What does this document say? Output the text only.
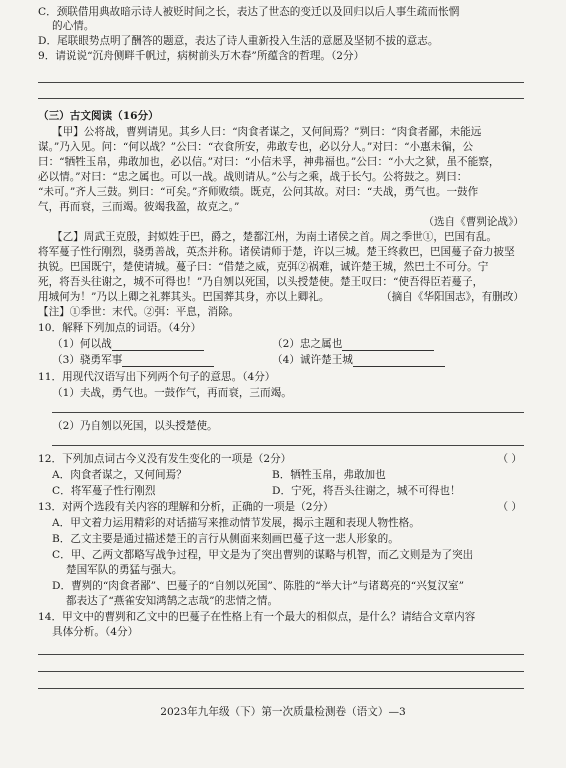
C．颈联借用典故暗示诗人被贬时间之长，表达了世态的变迁以及回归以后人事生疏而怅惘
的心情。
D．尾联眼势点明了酬答的题意，表达了诗人重新投入生活的意愿及坚韧不拔的意志。
9．请说说“沉舟侧畔千帆过，病树前头万木春”所蕴含的哲理。（2分）
（三）古文阅读（16分）
【甲】公将战，曹刿请见。其乡人曰：“肉食者谋之，又何间焉？”刿曰：“肉食者鄙，未能远
谋。”乃入见。问：“何以战？”公曰：“衣食所安，弗敢专也，必以分人。”对曰：“小惠未徧，公
曰：“牺牲玉帛，弗敢加也，必以信。”对曰：“小信未孚，神弗福也。”公曰：“小大之狱，虽不能察，
必以情。”对曰：“忠之属也。可以一战。战则请从。”公与之乘，战于长勺。公将鼓之。刿曰：
“未可。”齐人三鼓。刿曰：“可矣。”齐师败绩。既克，公问其故。对曰：“夫战，勇气也。一鼓作
气，再而衰，三而竭。彼竭我盈，故克之。”
（选自《曹刿论战》）
【乙】周武王克殷，封姒姓于巴，爵之，楚都江州，为南土诸侯之首。周之季世①，巴国有乱。
将军蔓子性行刚烈，骁勇善战，英杰并称。诸侯请师于楚，许以三城。楚王终救巴，巴国蔓子奋力披坚
执锐。巴国既宁，楚使请城。蔓子曰：“借楚之威，克弭②祸难，诚许楚王城，然巴土不可分。宁
死，将吾头往谢之，城不可得也！”乃自刎以死国，以头授楚使。楚王叹曰：“使吾得臣若蔓子，
用城何为！”乃以上卿之礼葬其头。巴国葬其身，亦以上卿礼。	（摘自《华阳国志》，有删改）
【注】①季世：末代。②弭：平息，消除。
10．解释下列加点的词语。（4分）
（1）何以战	（2）忠之属也
（3）骁勇军事	（4）诚许楚王城
11．用现代汉语写出下列两个句子的意思。（4分）
（1）夫战，勇气也。一鼓作气，再而衰，三而竭。
（2）乃自刎以死国，以头授楚使。
12．下列加点词古今义没有发生变化的一项是（2分）	（ ）
A．肉食者谋之，又何间焉？	B．牺牲玉帛，弗敢加也
C．将军蔓子性行刚烈	D．宁死，将吾头往谢之，城不可得也！
13．对两个选段有关内容的理解和分析，正确的一项是（2分）	（ ）
A．甲文着力运用精彩的对话描写来推动情节发展，揭示主题和表现人物性格。
B．乙文主要是通过描述楚王的言行从侧面来刻画巴蔓子这一悲人形象的。
C．甲、乙两文都略写战争过程，甲文是为了突出曹刿的谋略与机智，而乙文则是为了突出
楚国军队的勇猛与强大。
D．曹刿的“肉食者鄙”、巴蔓子的“自刎以死国”、陈胜的“举大计”与诸葛亮的“兴复汉室”
都表达了“燕雀安知鸿鹄之志哉”的悲情之情。
14．甲文中的曹刿和乙文中的巴蔓子在性格上有一个最大的相似点，是什么？请结合文章内容
具体分析。（4分）
2023年九年级（下）第一次质量检测卷（语文）—3
